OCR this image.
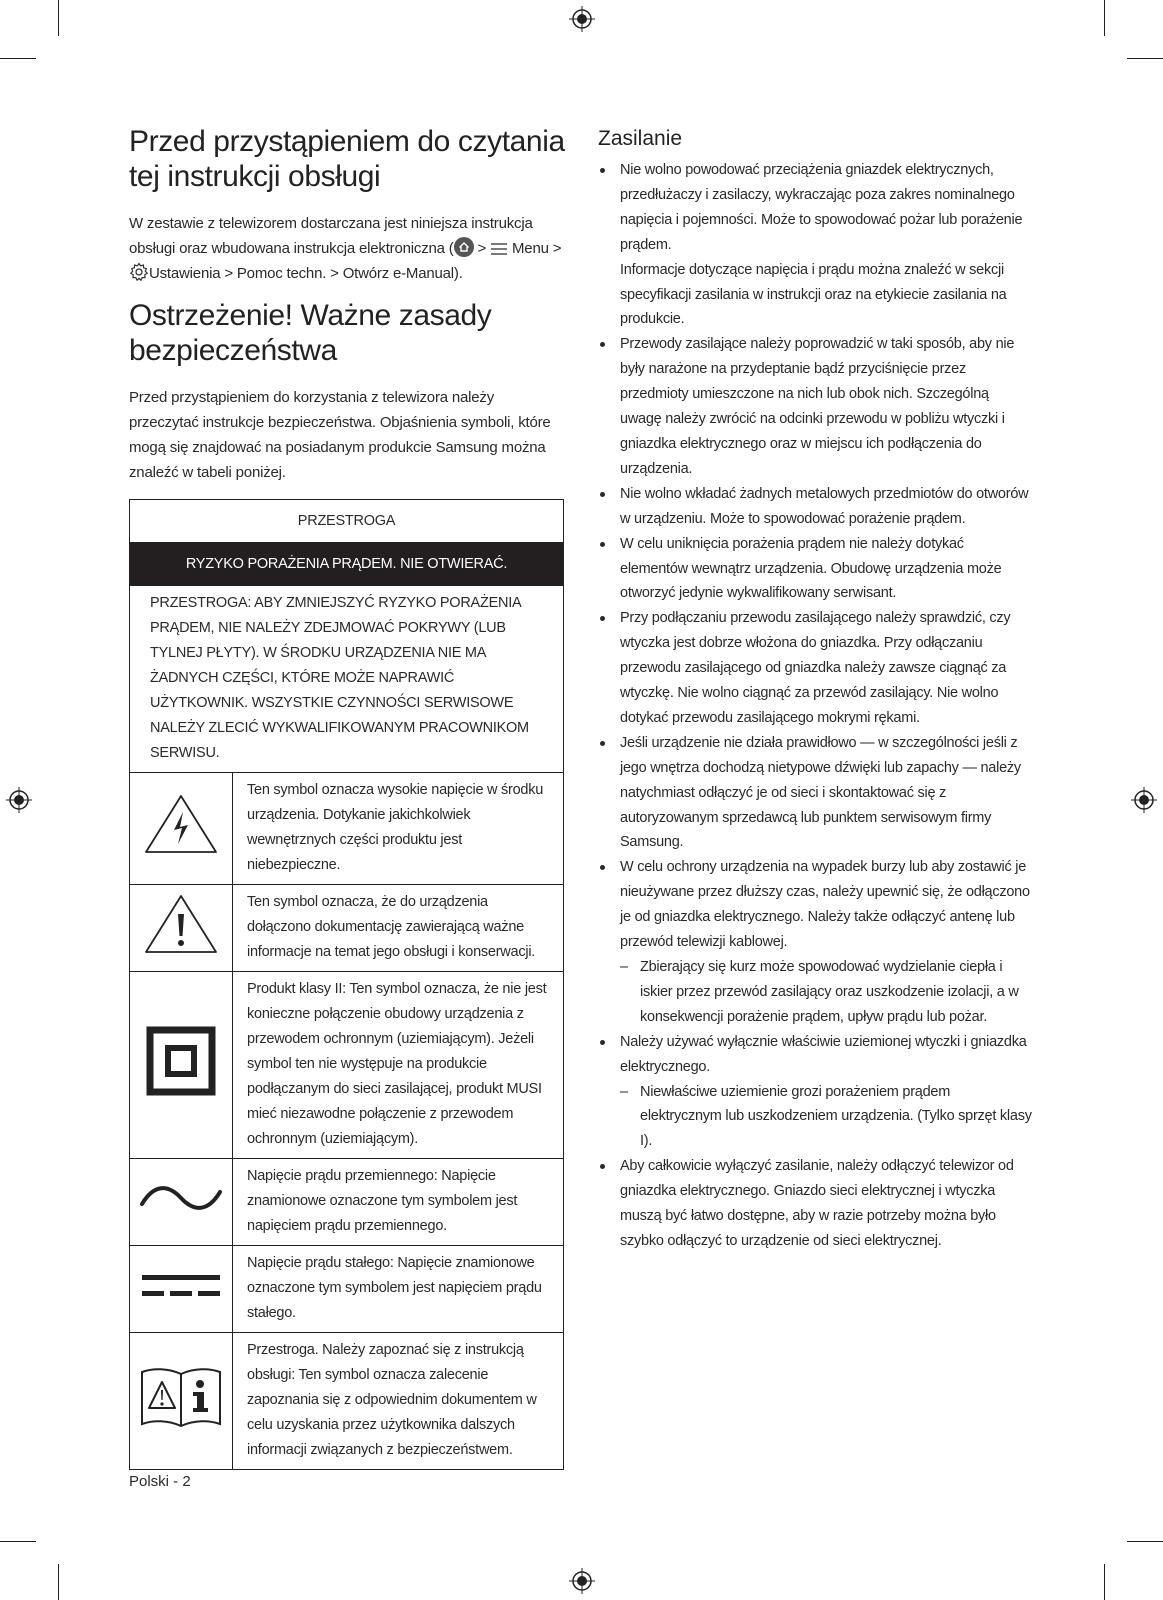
Przed przystąpieniem do czytania tej instrukcji obsługi

W zestawie z telewizorem dostarczana jest niniejsza instrukcja obsługi oraz wbudowana instrukcja elektroniczna ( > Menu > Ustawienia > Pomoc techn. > Otwórz e-Manual).

Ostrzeżenie! Ważne zasady bezpieczeństwa

Przed przystąpieniem do korzystania z telewizora należy przeczytać instrukcje bezpieczeństwa. Objaśnienia symboli, które mogą się znajdować na posiadanym produkcie Samsung można znaleźć w tabeli poniżej.

PRZESTROGA	
RYZYKO PORAŻENIA PRĄDEM. NIE OTWIERAĆ.	
PRZESTROGA: ABY ZMNIEJSZYĆ RYZYKO PORAŻENIA PRĄDEM, NIE NALEŻY ZDEJMOWAĆ POKRYWY (LUB TYLNEJ PŁYTY). W ŚRODKU URZĄDZENIA NIE MA ŻADNYCH CZĘŚCI, KTÓRE MOŻE NAPRAWIĆ UŻYTKOWNIK. WSZYSTKIE CZYNNOŚCI SERWISOWE NALEŻY ZLECIĆ WYKWALIFIKOWANYM PRACOWNIKOM SERWISU.	
	Ten symbol oznacza wysokie napięcie w środku urządzenia. Dotykanie jakichkolwiek wewnętrznych części produktu jest niebezpieczne.
	Ten symbol oznacza, że do urządzenia dołączono dokumentację zawierającą ważne informacje na temat jego obsługi i konserwacji.
	Produkt klasy II: Ten symbol oznacza, że nie jest konieczne połączenie obudowy urządzenia z przewodem ochronnym (uziemiającym). Jeżeli symbol ten nie występuje na produkcie podłączanym do sieci zasilającej, produkt MUSI mieć niezawodne połączenie z przewodem ochronnym (uziemiającym).
	Napięcie prądu przemiennego: Napięcie znamionowe oznaczone tym symbolem jest napięciem prądu przemiennego.
	Napięcie prądu stałego: Napięcie znamionowe oznaczone tym symbolem jest napięciem prądu stałego.
	Przestroga. Należy zapoznać się z instrukcją obsługi: Ten symbol oznacza zalecenie zapoznania się z odpowiednim dokumentem w celu uzyskania przez użytkownika dalszych informacji związanych z bezpieczeństwem.
Zasilanie
Nie wolno powodować przeciążenia gniazdek elektrycznych, przedłużaczy i zasilaczy, wykraczając poza zakres nominalnego napięcia i pojemności. Może to spowodować pożar lub porażenie prądem.
Informacje dotyczące napięcia i prądu można znaleźć w sekcji specyfikacji zasilania w instrukcji oraz na etykiecie zasilania na produkcie.
Przewody zasilające należy poprowadzić w taki sposób, aby nie były narażone na przydeptanie bądź przyciśnięcie przez przedmioty umieszczone na nich lub obok nich. Szczególną uwagę należy zwrócić na odcinki przewodu w pobliżu wtyczki i gniazdka elektrycznego oraz w miejscu ich podłączenia do urządzenia.
Nie wolno wkładać żadnych metalowych przedmiotów do otworów w urządzeniu. Może to spowodować porażenie prądem.
W celu uniknięcia porażenia prądem nie należy dotykać elementów wewnątrz urządzenia. Obudowę urządzenia może otworzyć jedynie wykwalifikowany serwisant.
Przy podłączaniu przewodu zasilającego należy sprawdzić, czy wtyczka jest dobrze włożona do gniazdka. Przy odłączaniu przewodu zasilającego od gniazdka należy zawsze ciągnąć za wtyczkę. Nie wolno ciągnąć za przewód zasilający. Nie wolno dotykać przewodu zasilającego mokrymi rękami.
Jeśli urządzenie nie działa prawidłowo — w szczególności jeśli z jego wnętrza dochodzą nietypowe dźwięki lub zapachy — należy natychmiast odłączyć je od sieci i skontaktować się z autoryzowanym sprzedawcą lub punktem serwisowym firmy Samsung.
W celu ochrony urządzenia na wypadek burzy lub aby zostawić je nieużywane przez dłuższy czas, należy upewnić się, że odłączono je od gniazdka elektrycznego. Należy także odłączyć antenę lub przewód telewizji kablowej.
– Zbierający się kurz może spowodować wydzielanie ciepła i iskier przez przewód zasilający oraz uszkodzenie izolacji, a w konsekwencji porażenie prądem, upływ prądu lub pożar.
Należy używać wyłącznie właściwie uziemionej wtyczki i gniazdka elektrycznego.
– Niewłaściwe uziemienie grozi porażeniem prądem elektrycznym lub uszkodzeniem urządzenia. (Tylko sprzęt klasy I).
Aby całkowicie wyłączyć zasilanie, należy odłączyć telewizor od gniazdka elektrycznego. Gniazdo sieci elektrycznej i wtyczka muszą być łatwo dostępne, aby w razie potrzeby można było szybko odłączyć to urządzenie od sieci elektrycznej.
Polski - 2
